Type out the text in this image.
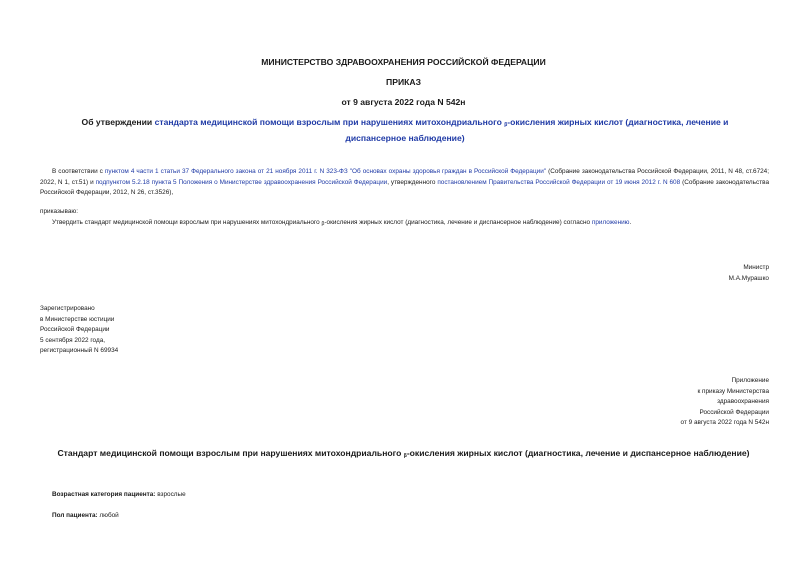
МИНИСТЕРСТВО ЗДРАВООХРАНЕНИЯ РОССИЙСКОЙ ФЕДЕРАЦИИ
ПРИКАЗ
от 9 августа 2022 года N 542н
Об утверждении стандарта медицинской помощи взрослым при нарушениях митохондриального β-окисления жирных кислот (диагностика, лечение и диспансерное наблюдение)
В соответствии с пунктом 4 части 1 статьи 37 Федерального закона от 21 ноября 2011 г. N 323-ФЗ "Об основах охраны здоровья граждан в Российской Федерации" (Собрание законодательства Российской Федерации, 2011, N 48, ст.6724; 2022, N 1, ст.51) и подпунктом 5.2.18 пункта 5 Положения о Министерстве здравоохранения Российской Федерации, утвержденного постановлением Правительства Российской Федерации от 19 июня 2012 г. N 608 (Собрание законодательства Российской Федерации, 2012, N 26, ст.3526),
приказываю:
Утвердить стандарт медицинской помощи взрослым при нарушениях митохондриального β-окисления жирных кислот (диагностика, лечение и диспансерное наблюдение) согласно приложению.
Министр
М.А.Мурашко
Зарегистрировано
в Министерстве юстиции
Российской Федерации
5 сентября 2022 года,
регистрационный N 69934
Приложение
к приказу Министерства
здравоохранения
Российской Федерации
от 9 августа 2022 года N 542н
Стандарт медицинской помощи взрослым при нарушениях митохондриального β-окисления жирных кислот (диагностика, лечение и диспансерное наблюдение)
Возрастная категория пациента: взрослые
Пол пациента: любой
